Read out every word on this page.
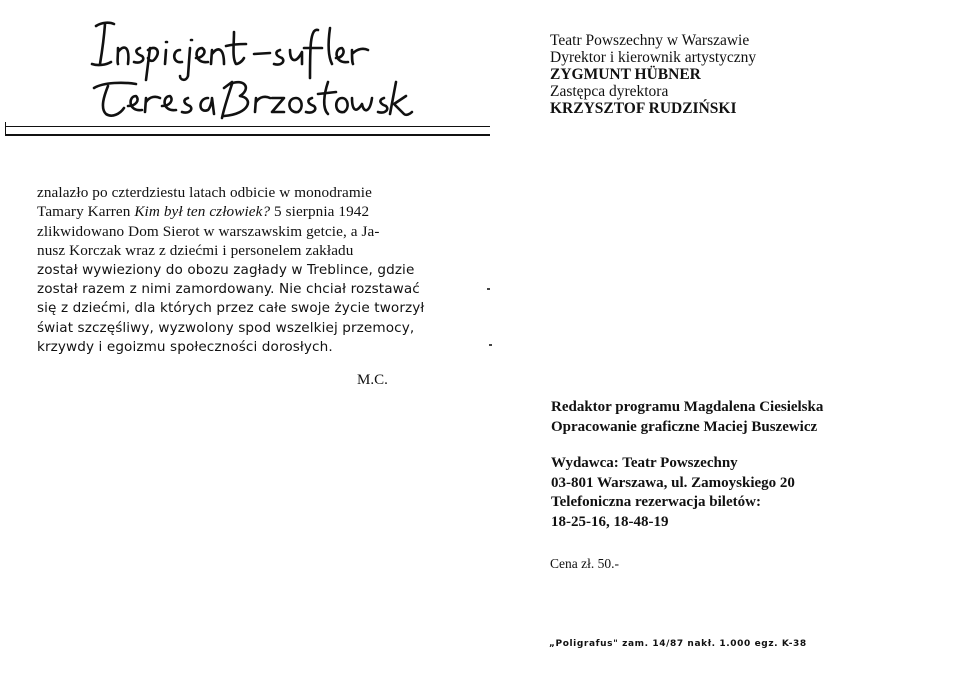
Teatr Powszechny w Warszawie
Dyrektor i kierownik artystyczny
ZYGMUNT HÜBNER
Zastępca dyrektora
KRZYSZTOF RUDZIŃSKI
znalazło po czterdziestu latach odbicie w monodramie
Tamary Karren Kim był ten człowiek? 5 sierpnia 1942
zlikwidowano Dom Sierot w warszawskim getcie, a Ja-
nusz Korczak wraz z dziećmi i personelem zakładu
został wywieziony do obozu zagłady w Treblince, gdzie
został razem z nimi zamordowany. Nie chciał rozstawać
się z dziećmi, dla których przez całe swoje życie tworzył
świat szczęśliwy, wyzwolony spod wszelkiej przemocy,
krzywdy i egoizmu społeczności dorosłych.
M.C.
Redaktor programu Magdalena Ciesielska
Opracowanie graficzne Maciej Buszewicz
Wydawca: Teatr Powszechny
03-801 Warszawa, ul. Zamoyskiego 20
Telefoniczna rezerwacja biletów:
18-25-16, 18-48-19
Cena zł. 50.-
„Poligrafus" zam. 14/87 nakł. 1.000 egz. K-38
